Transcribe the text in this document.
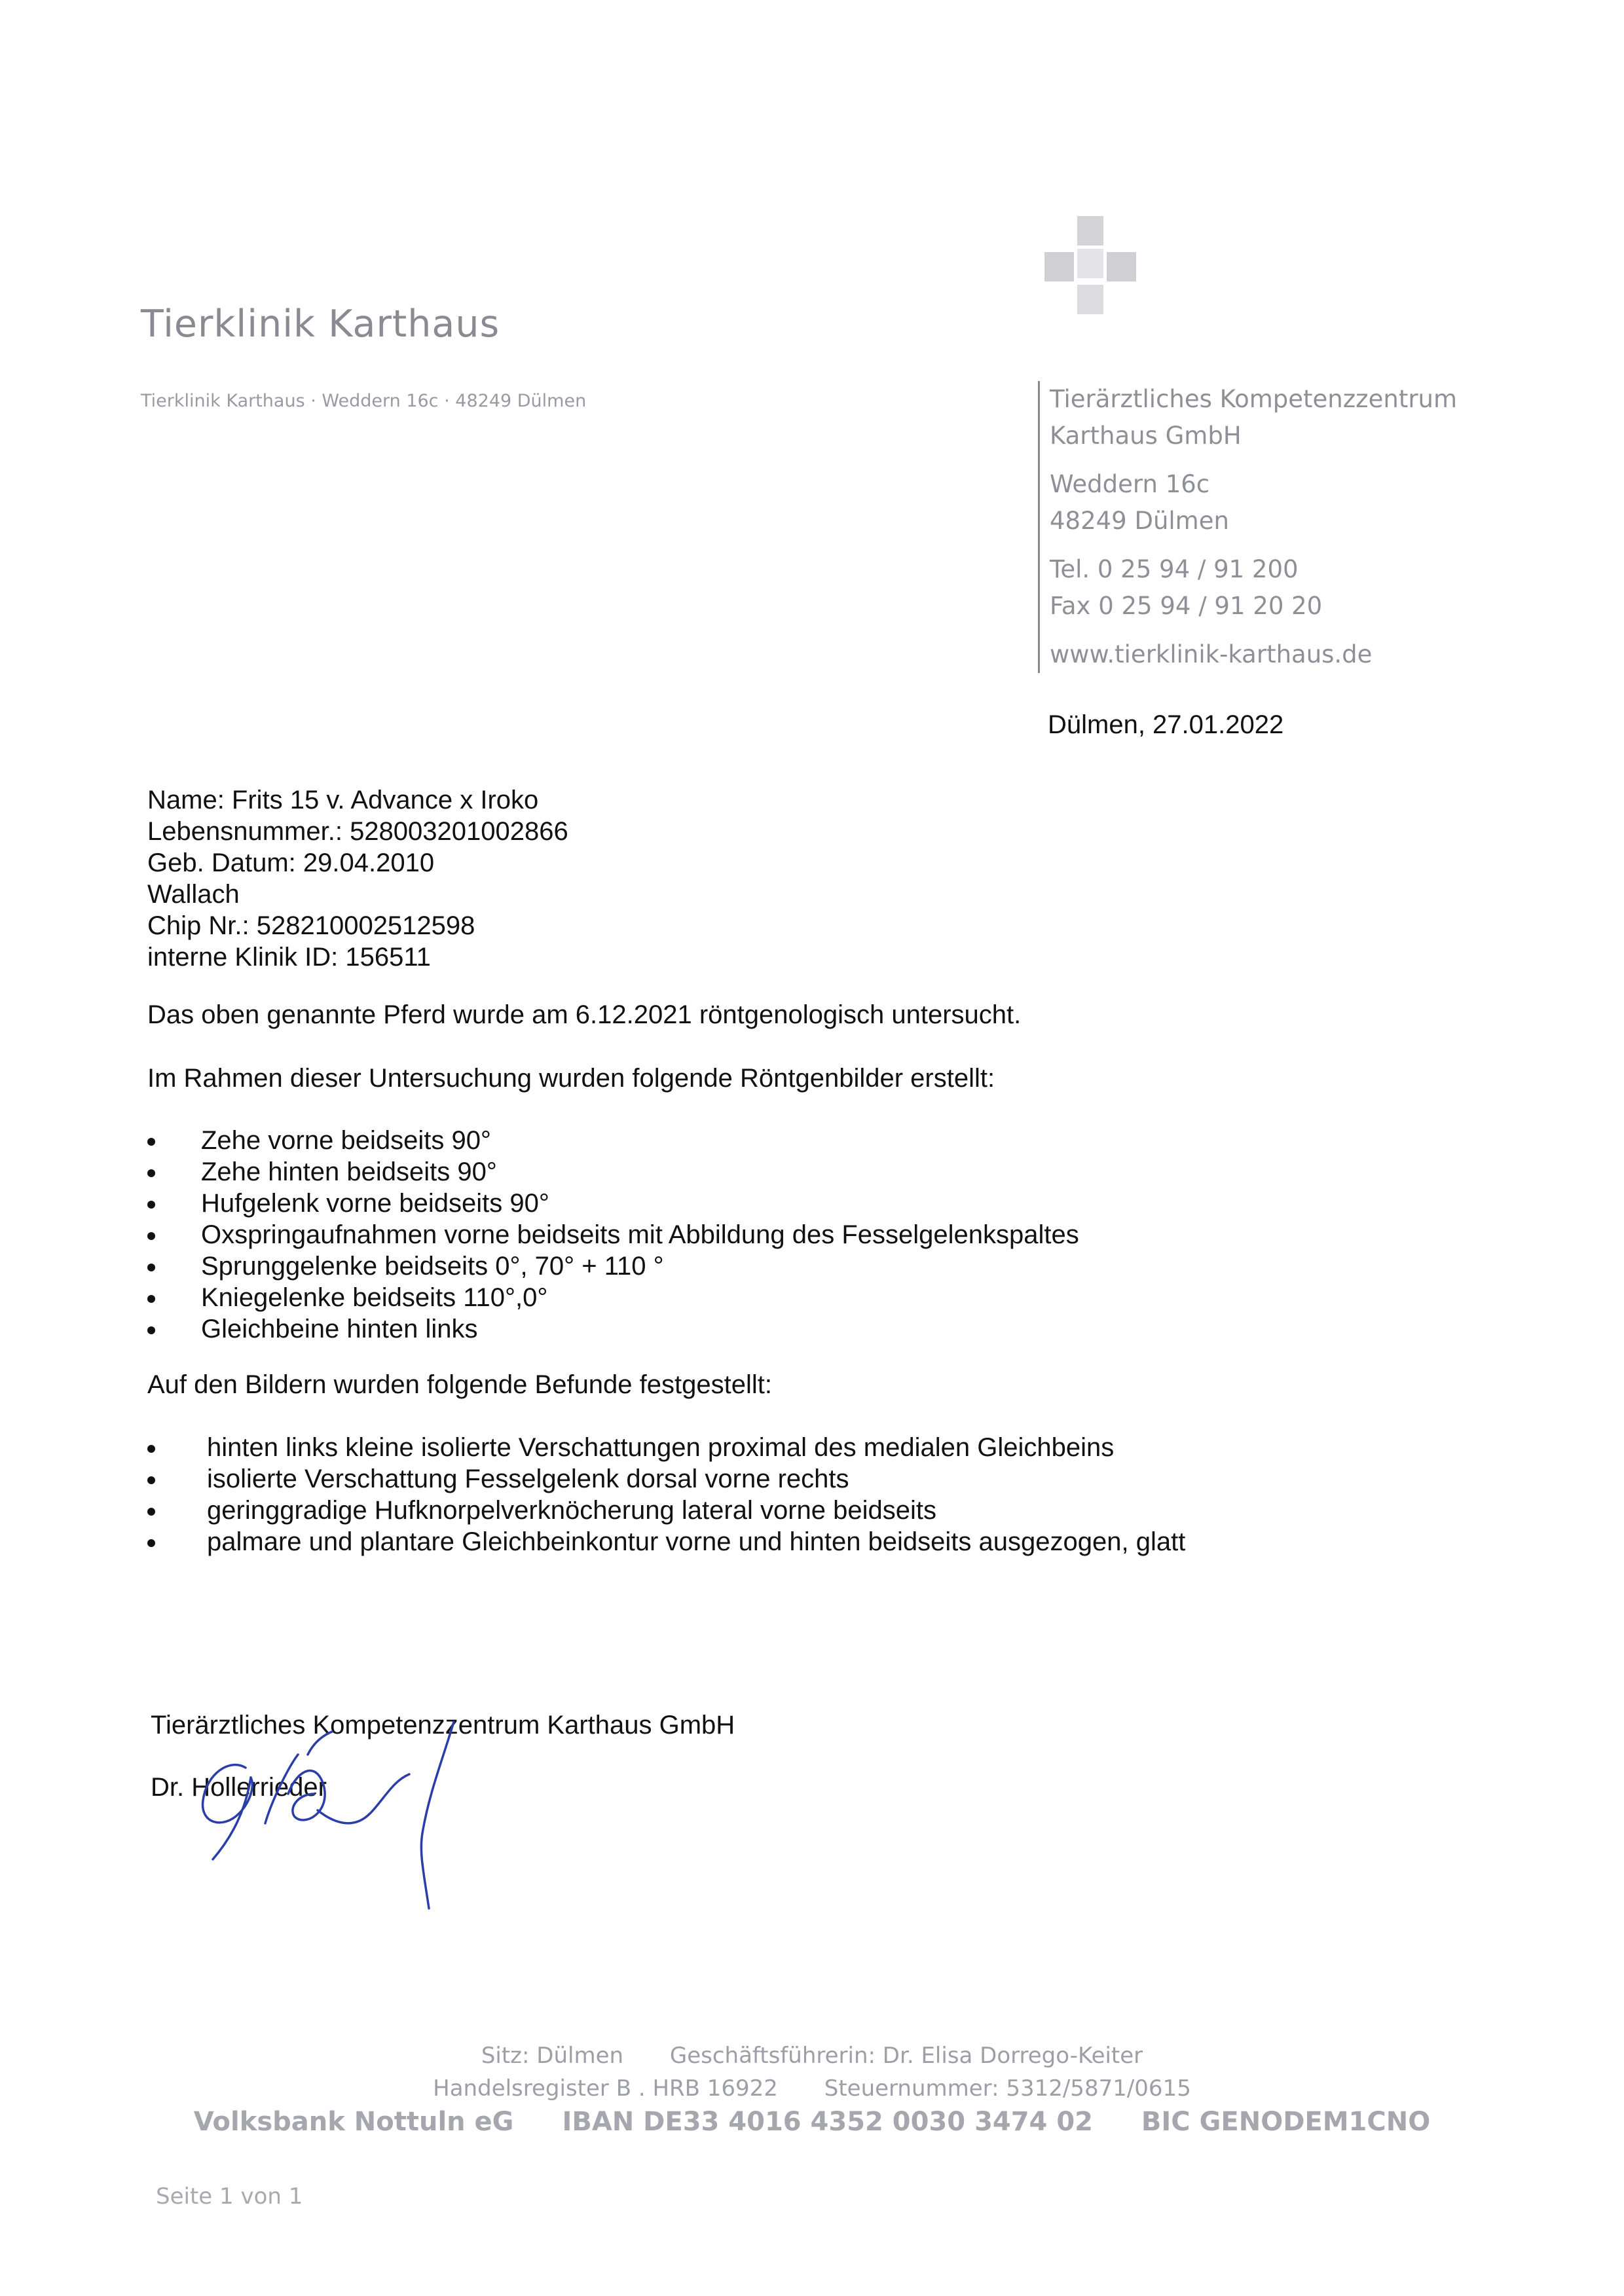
Tierklinik Karthaus
Tierklinik Karthaus · Weddern 16c · 48249 Dülmen	Tierärztliches Kompetenzzentrum
Karthaus GmbH
Weddern 16c
48249 Dülmen
Tel. 0 25 94 / 91 200
Fax 0 25 94 / 91 20 20
www.tierklinik-karthaus.de
Dülmen, 27.01.2022
Name: Frits 15 v. Advance x Iroko
Lebensnummer.: 528003201002866
Geb. Datum: 29.04.2010
Wallach
Chip Nr.: 528210002512598
interne Klinik ID: 156511
Das oben genannte Pferd wurde am 6.12.2021 röntgenologisch untersucht.
Im Rahmen dieser Untersuchung wurden folgende Röntgenbilder erstellt:
Zehe vorne beidseits 90°
Zehe hinten beidseits 90°
Hufgelenk vorne beidseits 90°
Oxspringaufnahmen vorne beidseits mit Abbildung des Fesselgelenkspaltes
Sprunggelenke beidseits 0°, 70° + 110 °
Kniegelenke beidseits 110°,0°
Gleichbeine hinten links
Auf den Bildern wurden folgende Befunde festgestellt:
hinten links kleine isolierte Verschattungen proximal des medialen Gleichbeins
isolierte Verschattung Fesselgelenk dorsal vorne rechts
geringgradige Hufknorpelverknöcherung lateral vorne beidseits
palmare und plantare Gleichbeinkontur vorne und hinten beidseits ausgezogen, glatt
Tierärztliches Kompetenzzentrum Karthaus GmbH
Dr. Hollerrieder
Sitz: Dülmen Geschäftsführerin: Dr. Elisa Dorrego-Keiter
Handelsregister B . HRB 16922 Steuernummer: 5312/5871/0615
Volksbank Nottuln eG IBAN DE33 4016 4352 0030 3474 02 BIC GENODEM1CNO
Seite 1 von 1
